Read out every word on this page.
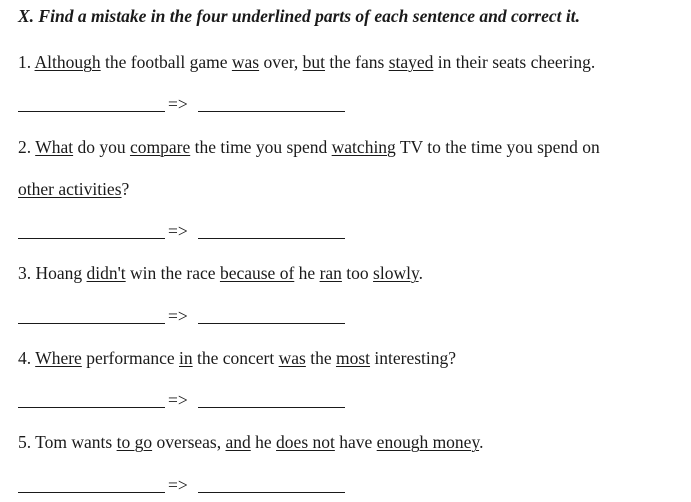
X. Find a mistake in the four underlined parts of each sentence and correct it.
1. Although the football game was over, but the fans stayed in their seats cheering.
=>
2. What do you compare the time you spend watching TV to the time you spend on
other activities?
=>
3. Hoang didn't win the race because of he ran too slowly.
=>
4. Where performance in the concert was the most interesting?
=>
5. Tom wants to go overseas, and he does not have enough money.
=>
